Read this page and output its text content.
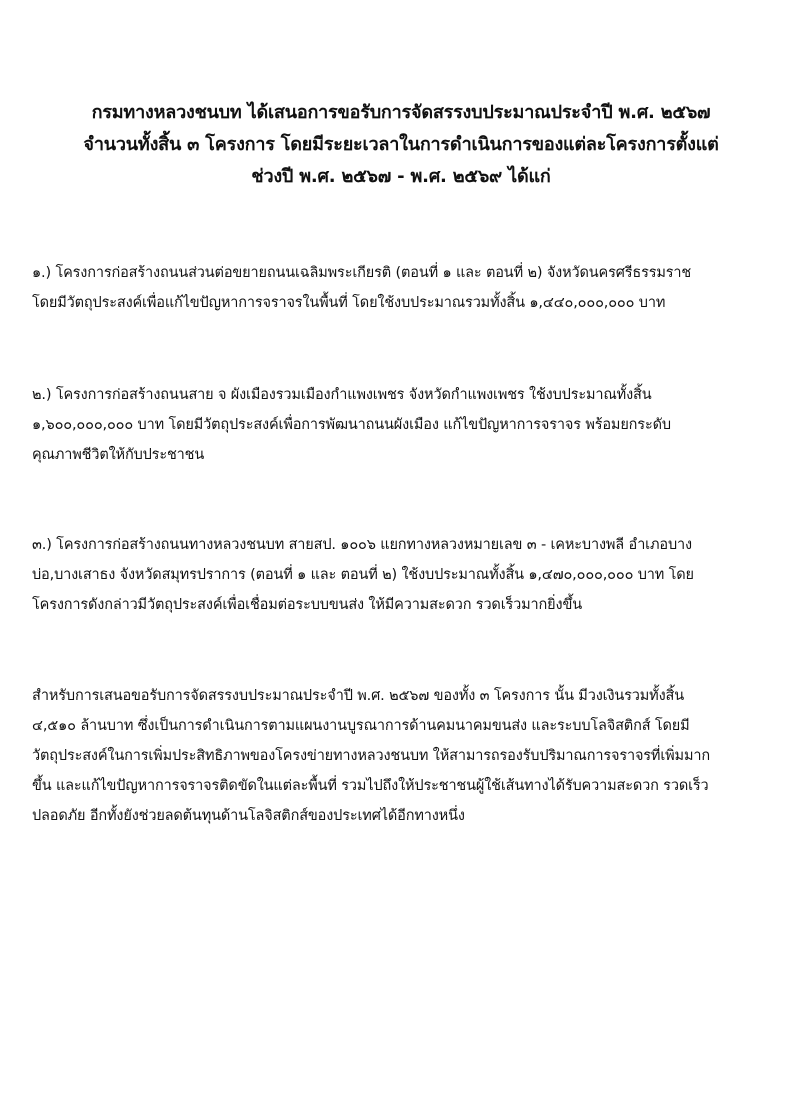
กรมทางหลวงชนบท ได้เสนอการขอรับการจัดสรรงบประมาณประจำปี พ.ศ. ๒๕๖๗
จำนวนทั้งสิ้น ๓ โครงการ โดยมีระยะเวลาในการดำเนินการของแต่ละโครงการตั้งแต่
ช่วงปี พ.ศ. ๒๕๖๗ - พ.ศ. ๒๕๖๙ ได้แก่

๑.) โครงการก่อสร้างถนนส่วนต่อขยายถนนเฉลิมพระเกียรติ (ตอนที่ ๑ และ ตอนที่ ๒) จังหวัดนครศรีธรรมราช
โดยมีวัตถุประสงค์เพื่อแก้ไขปัญหาการจราจรในพื้นที่ โดยใช้งบประมาณรวมทั้งสิ้น ๑,๔๔๐,๐๐๐,๐๐๐ บาท

๒.) โครงการก่อสร้างถนนสาย จ ผังเมืองรวมเมืองกำแพงเพชร จังหวัดกำแพงเพชร ใช้งบประมาณทั้งสิ้น
๑,๖๐๐,๐๐๐,๐๐๐ บาท โดยมีวัตถุประสงค์เพื่อการพัฒนาถนนผังเมือง แก้ไขปัญหาการจราจร พร้อมยกระดับ
คุณภาพชีวิตให้กับประชาชน

๓.) โครงการก่อสร้างถนนทางหลวงชนบท สายสป. ๑๐๐๖ แยกทางหลวงหมายเลข ๓ - เคหะบางพลี อำเภอบาง
บ่อ,บางเสาธง จังหวัดสมุทรปราการ (ตอนที่ ๑ และ ตอนที่ ๒) ใช้งบประมาณทั้งสิ้น ๑,๔๗๐,๐๐๐,๐๐๐ บาท โดย
โครงการดังกล่าวมีวัตถุประสงค์เพื่อเชื่อมต่อระบบขนส่ง ให้มีความสะดวก รวดเร็วมากยิ่งขึ้น

สำหรับการเสนอขอรับการจัดสรรงบประมาณประจำปี พ.ศ. ๒๕๖๗ ของทั้ง ๓ โครงการ นั้น มีวงเงินรวมทั้งสิ้น
๔,๕๑๐ ล้านบาท ซึ่งเป็นการดำเนินการตามแผนงานบูรณาการด้านคมนาคมขนส่ง และระบบโลจิสติกส์ โดยมี
วัตถุประสงค์ในการเพิ่มประสิทธิภาพของโครงข่ายทางหลวงชนบท ให้สามารถรองรับปริมาณการจราจรที่เพิ่มมาก
ขึ้น และแก้ไขปัญหาการจราจรติดขัดในแต่ละพื้นที่ รวมไปถึงให้ประชาชนผู้ใช้เส้นทางได้รับความสะดวก รวดเร็ว
ปลอดภัย อีกทั้งยังช่วยลดต้นทุนด้านโลจิสติกส์ของประเทศได้อีกทางหนึ่ง
